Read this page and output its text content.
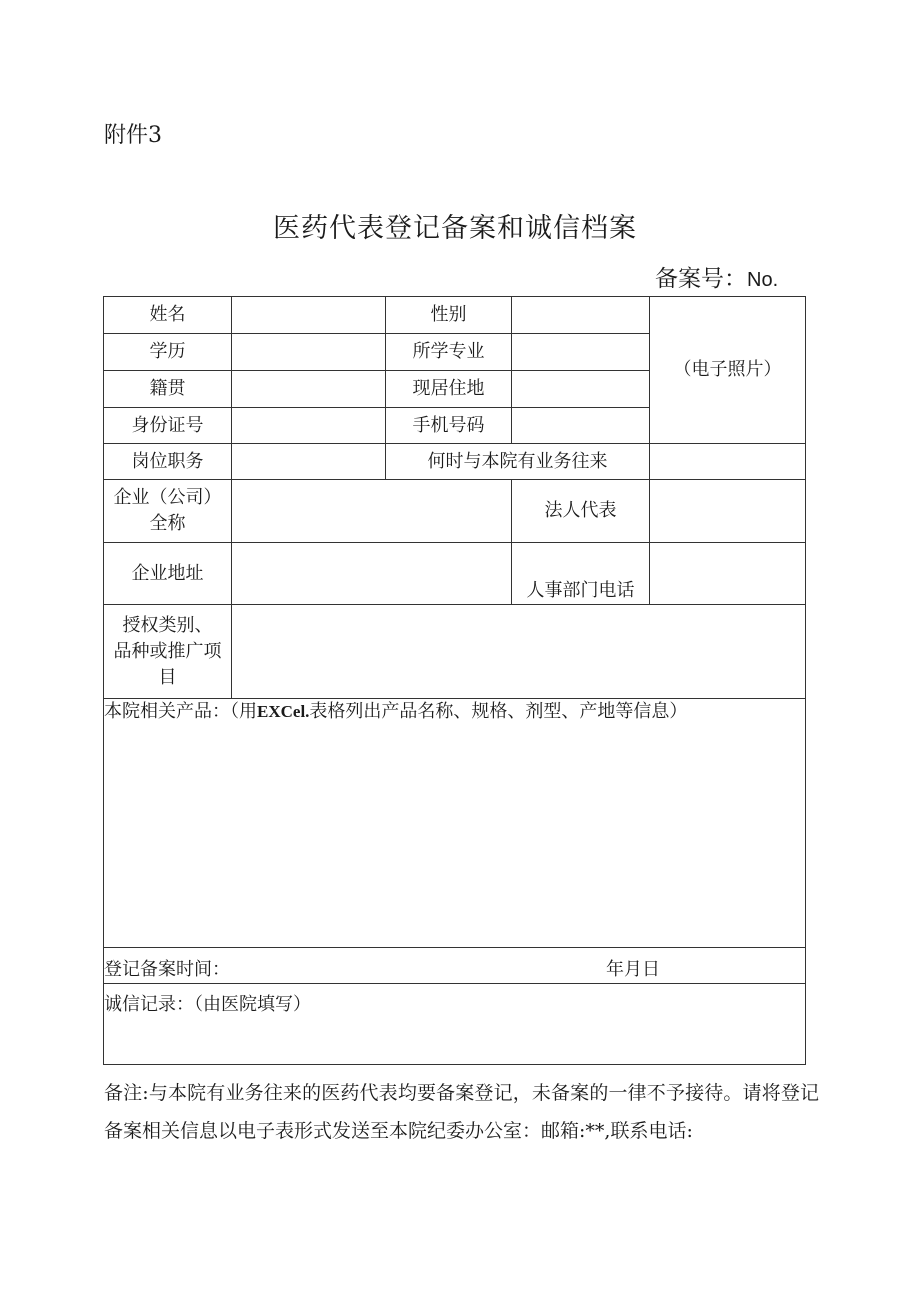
附件3
医药代表登记备案和诚信档案
备案号：No.
姓名		性别		（电子照片）
学历		所学专业		
籍贯		现居住地		
身份证号		手机号码		
岗位职务		何时与本院有业务往来		

企业（公司）
全称			法人代表	
企业地址			人事部门电话	

授权类别、
品种或推广项
目				

本院相关产品：（用EXCel.表格列出产品名称、规格、剂型、产地等信息）				

登记备案时间： 年月日				

诚信记录：（由医院填写）				
备注:与本院有业务往来的医药代表均要备案登记，未备案的一律不予接待。请将登记备案相关信息以电子表形式发送至本院纪委办公室：邮箱:**,联系电话:
